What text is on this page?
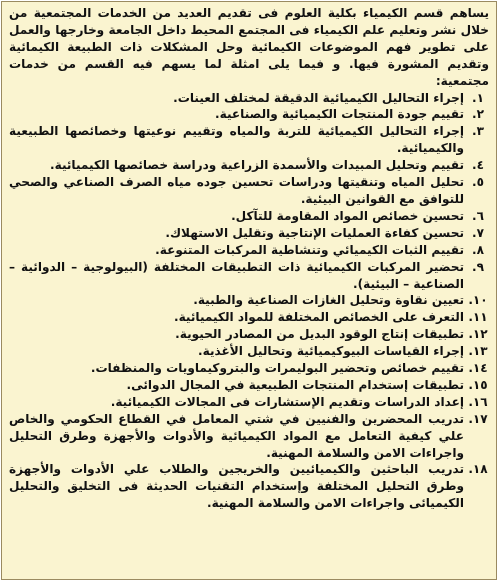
يساهم قسم الكيمياء بكلية العلوم فى تقديم العديد من الخدمات المجتمعية من خلال نشر وتعليم علم الكيمياء فى المجتمع المحيط داخل الجامعة وخارجها والعمل على تطوير فهم الموضوعات الكيمائية وحل المشكلات ذات الطبيعة الكيمائية وتقديم المشورة فيها. و فيما يلى امثلة لما يسهم فيه القسم من خدمات مجتمعية:

١.
إجراء التحاليل الكيميائية الدقيقة لمختلف العينات.
٢.
تقييم جودة المنتجات الكيميائية والصناعية.
٣.
إجراء التحاليل الكيميائية للتربة والمياه وتقييم نوعيتها وخصائصها الطبيعية والكيميائية.
٤.
تقييم وتحليل المبيدات والأسمدة الزراعية ودراسة خصائصها الكيميائية.
٥.
تحليل المياه وتنقيتها ودراسات تحسين جوده مياه الصرف الصناعي والصحي للتوافق مع القوانين البيئية.
٦.
تحسين خصائص المواد المقاومة للتآكل.
٧.
تحسين كفاءة العمليات الإنتاجية وتقليل الاستهلاك.
٨.
تقييم الثبات الكيميائي وتنشاطية المركبات المتنوعة.
٩.
تحضير المركبات الكيميائية ذات التطبيقات المختلفة (البيولوجية – الدوائية – الصناعية – البيئية).
١٠.
تعيين نقاوة وتحليل الغازات الصناعية والطبية.
١١.
التعرف على الخصائص المختلفة للمواد الكيميائية.
١٢.
تطبيقات إنتاج الوقود البديل من المصادر الحيوية.
١٣.
إجراء القياسات البيوكيميائية وتحاليل الأغذية.
١٤.
تقييم خصائص وتحضير البوليمرات والبتروكيماويات والمنظفات.
١٥.
تطبيقات إستخدام المنتجات الطبيعية في المجال الدوائى.
١٦.
إعداد الدراسات وتقديم الإستشارات فى المجالات الكيميائية.
١٧.
تدريب المحضرين والفنيين في شتي المعامل في القطاع الحكومي والخاص علي كيفية التعامل مع المواد الكيميائية والأدوات والأجهزة وطرق التحليل واجراءات الامن والسلامة المهنية.
١٨.
تدريب الباحثين والكيميائيين والخريجين والطلاب علي الأدوات والأجهزة وطرق التحليل المختلفة وإستخدام التقنيات الحديثة فى التخليق والتحليل الكيميائى واجراءات الامن والسلامة المهنية.
